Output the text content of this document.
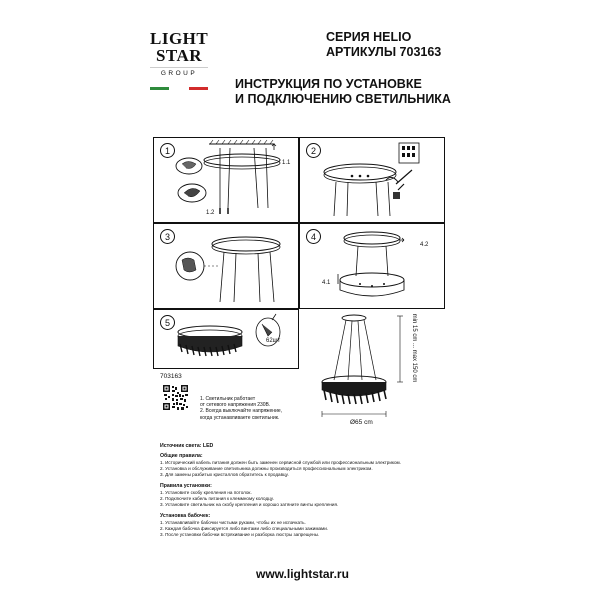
LIGHT
STAR
GROUP
СЕРИЯ HELIO
АРТИКУЛЫ 703163
ИНСТРУКЦИЯ ПО УСТАНОВКЕ
И ПОДКЛЮЧЕНИЮ СВЕТИЛЬНИКА
1
1.1
1.2
2
3	4
4.2
4.1
5
62шт
Ø65 cm
min 15 cm ... max 150 cm
703163
1. Светильник работает
от сетевого напряжения 230В.
2. Всегда выключайте напряжение,
когда устанавливаете светильник.
Источник света: LED
Общие правила:
1. Исторический кабель питания должен быть заменен сервисной службой или профессиональным электриком.
2. Установка и обслуживание светильника должны производиться профессиональным электриком.
3. Для замены разбитых кристаллов обратитесь к продавцу.
Правила установки:
1. Установите скобу крепления на потолок.
2. Подключите кабель питания к клеммному колодцу.
3. Установите светильник на скобу крепления и хорошо затяните винты крепления.
Установка бабочек:
1. Устанавливайте бабочки чистыми руками, чтобы их не испачкать.
2. Каждая бабочка фиксируется либо винтами либо специальными зажимами.
3. После установки бабочки встряхивание и разборка люстры запрещены.
www.lightstar.ru
